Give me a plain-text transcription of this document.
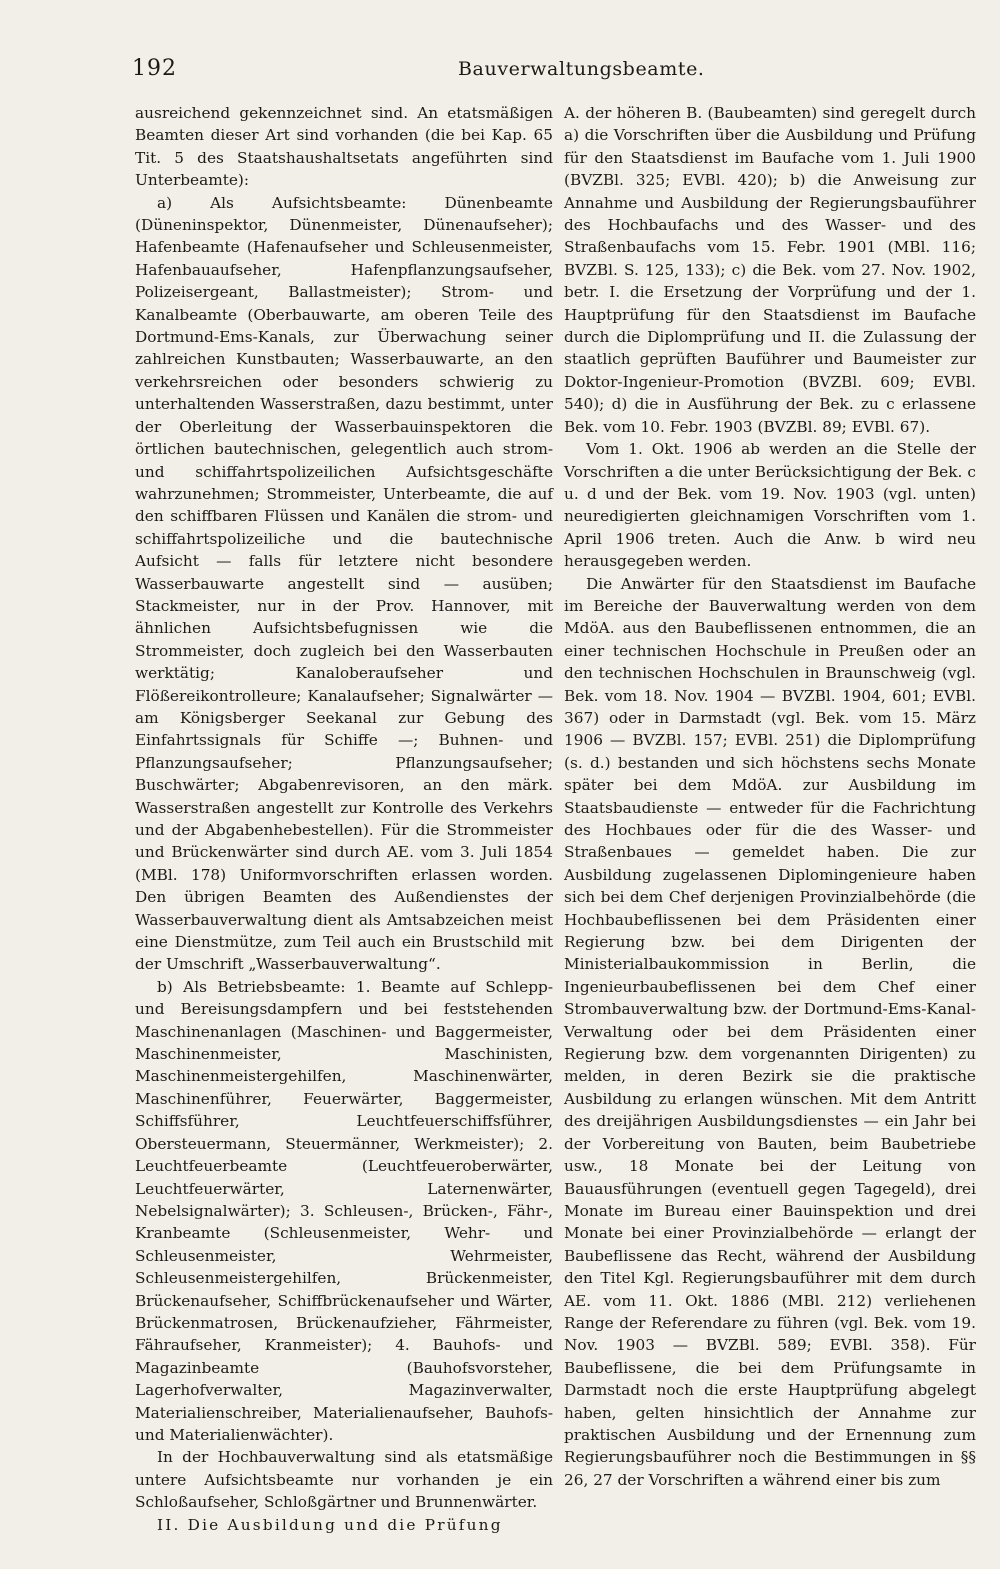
192	Bauverwaltungsbeamte.

ausreichend gekennzeichnet sind. An etatsmäßigen Beamten dieser Art sind vorhanden (die bei Kap. 65 Tit. 5 des Staatshaushaltsetats angeführten sind Unterbeamte):

a) Als Aufsichtsbeamte: Dünenbeamte (Düneninspektor, Dünenmeister, Dünenaufseher); Hafenbeamte (Hafenaufseher und Schleusenmeister, Hafenbauaufseher, Hafenpflanzungsaufseher, Polizeisergeant, Ballastmeister); Strom- und Kanalbeamte (Oberbauwarte, am oberen Teile des Dortmund-Ems-Kanals, zur Überwachung seiner zahlreichen Kunstbauten; Wasserbauwarte, an den verkehrsreichen oder besonders schwierig zu unterhaltenden Wasserstraßen, dazu bestimmt, unter der Oberleitung der Wasserbauinspektoren die örtlichen bautechnischen, gelegentlich auch strom- und schiffahrtspolizeilichen Aufsichtsgeschäfte wahrzunehmen; Strommeister, Unterbeamte, die auf den schiffbaren Flüssen und Kanälen die strom- und schiffahrtspolizeiliche und die bautechnische Aufsicht — falls für letztere nicht besondere Wasserbauwarte angestellt sind — ausüben; Stackmeister, nur in der Prov. Hannover, mit ähnlichen Aufsichtsbefugnissen wie die Strommeister, doch zugleich bei den Wasserbauten werktätig; Kanaloberaufseher und Flößereikontrolleure; Kanalaufseher; Signalwärter — am Königsberger Seekanal zur Gebung des Einfahrtssignals für Schiffe —; Buhnen- und Pflanzungsaufseher; Pflanzungsaufseher; Buschwärter; Abgabenrevisoren, an den märk. Wasserstraßen angestellt zur Kontrolle des Verkehrs und der Abgabenhebestellen). Für die Strommeister und Brückenwärter sind durch AE. vom 3. Juli 1854 (MBl. 178) Uniformvorschriften erlassen worden. Den übrigen Beamten des Außendienstes der Wasserbauverwaltung dient als Amtsabzeichen meist eine Dienstmütze, zum Teil auch ein Brustschild mit der Umschrift „Wasserbauverwaltung“.

b) Als Betriebsbeamte: 1. Beamte auf Schlepp- und Bereisungsdampfern und bei feststehenden Maschinenanlagen (Maschinen- und Baggermeister, Maschinenmeister, Maschinisten, Maschinenmeistergehilfen, Maschinenwärter, Maschinenführer, Feuerwärter, Baggermeister, Schiffsführer, Leuchtfeuerschiffsführer, Obersteuermann, Steuermänner, Werkmeister); 2. Leuchtfeuerbeamte (Leuchtfeueroberwärter, Leuchtfeuerwärter, Laternenwärter, Nebelsignalwärter); 3. Schleusen-, Brücken-, Fähr-, Kranbeamte (Schleusenmeister, Wehr- und Schleusenmeister, Wehrmeister, Schleusenmeistergehilfen, Brückenmeister, Brückenaufseher, Schiffbrückenaufseher und Wärter, Brückenmatrosen, Brückenaufzieher, Fährmeister, Fähraufseher, Kranmeister); 4. Bauhofs- und Magazinbeamte (Bauhofsvorsteher, Lagerhofverwalter, Magazinverwalter, Materialienschreiber, Materialienaufseher, Bauhofs- und Materialienwächter).

In der Hochbauverwaltung sind als etatsmäßige untere Aufsichtsbeamte nur vorhanden je ein Schloßaufseher, Schloßgärtner und Brunnenwärter.

II. Die Ausbildung und die Prüfung

A. der höheren B. (Baubeamten) sind geregelt durch a) die Vorschriften über die Ausbildung und Prüfung für den Staatsdienst im Baufache vom 1. Juli 1900 (BVZBl. 325; EVBl. 420); b) die Anweisung zur Annahme und Ausbildung der Regierungsbauführer des Hochbaufachs und des Wasser- und des Straßenbaufachs vom 15. Febr. 1901 (MBl. 116; BVZBl. S. 125, 133); c) die Bek. vom 27. Nov. 1902, betr. I. die Ersetzung der Vorprüfung und der 1. Hauptprüfung für den Staatsdienst im Baufache durch die Diplomprüfung und II. die Zulassung der staatlich geprüften Bauführer und Baumeister zur Doktor-Ingenieur-Promotion (BVZBl. 609; EVBl. 540); d) die in Ausführung der Bek. zu c erlassene Bek. vom 10. Febr. 1903 (BVZBl. 89; EVBl. 67).

Vom 1. Okt. 1906 ab werden an die Stelle der Vorschriften a die unter Berücksichtigung der Bek. c u. d und der Bek. vom 19. Nov. 1903 (vgl. unten) neuredigierten gleichnamigen Vorschriften vom 1. April 1906 treten. Auch die Anw. b wird neu herausgegeben werden.

Die Anwärter für den Staatsdienst im Baufache im Bereiche der Bauverwaltung werden von dem MdöA. aus den Baubeflissenen entnommen, die an einer technischen Hochschule in Preußen oder an den technischen Hochschulen in Braunschweig (vgl. Bek. vom 18. Nov. 1904 — BVZBl. 1904, 601; EVBl. 367) oder in Darmstadt (vgl. Bek. vom 15. März 1906 — BVZBl. 157; EVBl. 251) die Diplomprüfung (s. d.) bestanden und sich höchstens sechs Monate später bei dem MdöA. zur Ausbildung im Staatsbaudienste — entweder für die Fachrichtung des Hochbaues oder für die des Wasser- und Straßenbaues — gemeldet haben. Die zur Ausbildung zugelassenen Diplomingenieure haben sich bei dem Chef derjenigen Provinzialbehörde (die Hochbaubeflissenen bei dem Präsidenten einer Regierung bzw. bei dem Dirigenten der Ministerialbaukommission in Berlin, die Ingenieurbaubeflissenen bei dem Chef einer Strombauverwaltung bzw. der Dortmund-Ems-Kanal-Verwaltung oder bei dem Präsidenten einer Regierung bzw. dem vorgenannten Dirigenten) zu melden, in deren Bezirk sie die praktische Ausbildung zu erlangen wünschen. Mit dem Antritt des dreijährigen Ausbildungsdienstes — ein Jahr bei der Vorbereitung von Bauten, beim Baubetriebe usw., 18 Monate bei der Leitung von Bauausführungen (eventuell gegen Tagegeld), drei Monate im Bureau einer Bauinspektion und drei Monate bei einer Provinzialbehörde — erlangt der Baubeflissene das Recht, während der Ausbildung den Titel Kgl. Regierungsbauführer mit dem durch AE. vom 11. Okt. 1886 (MBl. 212) verliehenen Range der Referendare zu führen (vgl. Bek. vom 19. Nov. 1903 — BVZBl. 589; EVBl. 358). Für Baubeflissene, die bei dem Prüfungsamte in Darmstadt noch die erste Hauptprüfung abgelegt haben, gelten hinsichtlich der Annahme zur praktischen Ausbildung und der Ernennung zum Regierungsbauführer noch die Bestimmungen in §§ 26, 27 der Vorschriften a während einer bis zum
